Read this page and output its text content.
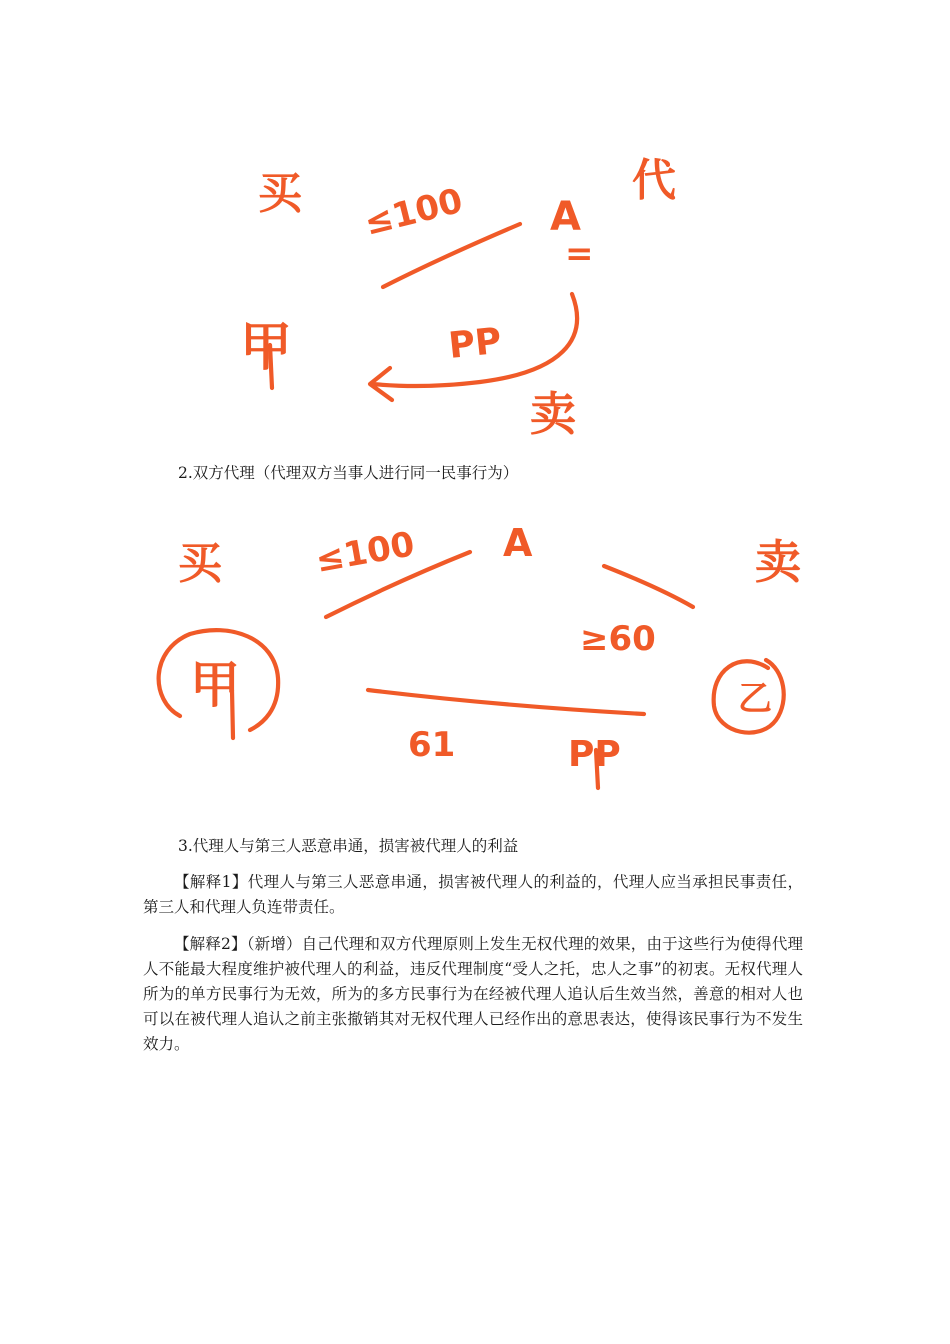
买	代
≤100 A
=
甲	PP
卖
2.双方代理（代理双方当事人进行同一民事行为）
买	≤100 A	卖
≥60
甲	乙
61	PP
3.代理人与第三人恶意串通，损害被代理人的利益

【解释1】代理人与第三人恶意串通，损害被代理人的利益的，代理人应当承担民事责任，第三人和代理人负连带责任。

【解释2】（新增）自己代理和双方代理原则上发生无权代理的效果，由于这些行为使得代理人不能最大程度维护被代理人的利益，违反代理制度“受人之托，忠人之事”的初衷。无权代理人所为的单方民事行为无效，所为的多方民事行为在经被代理人追认后生效当然，善意的相对人也可以在被代理人追认之前主张撤销其对无权代理人已经作出的意思表达，使得该民事行为不发生效力。
